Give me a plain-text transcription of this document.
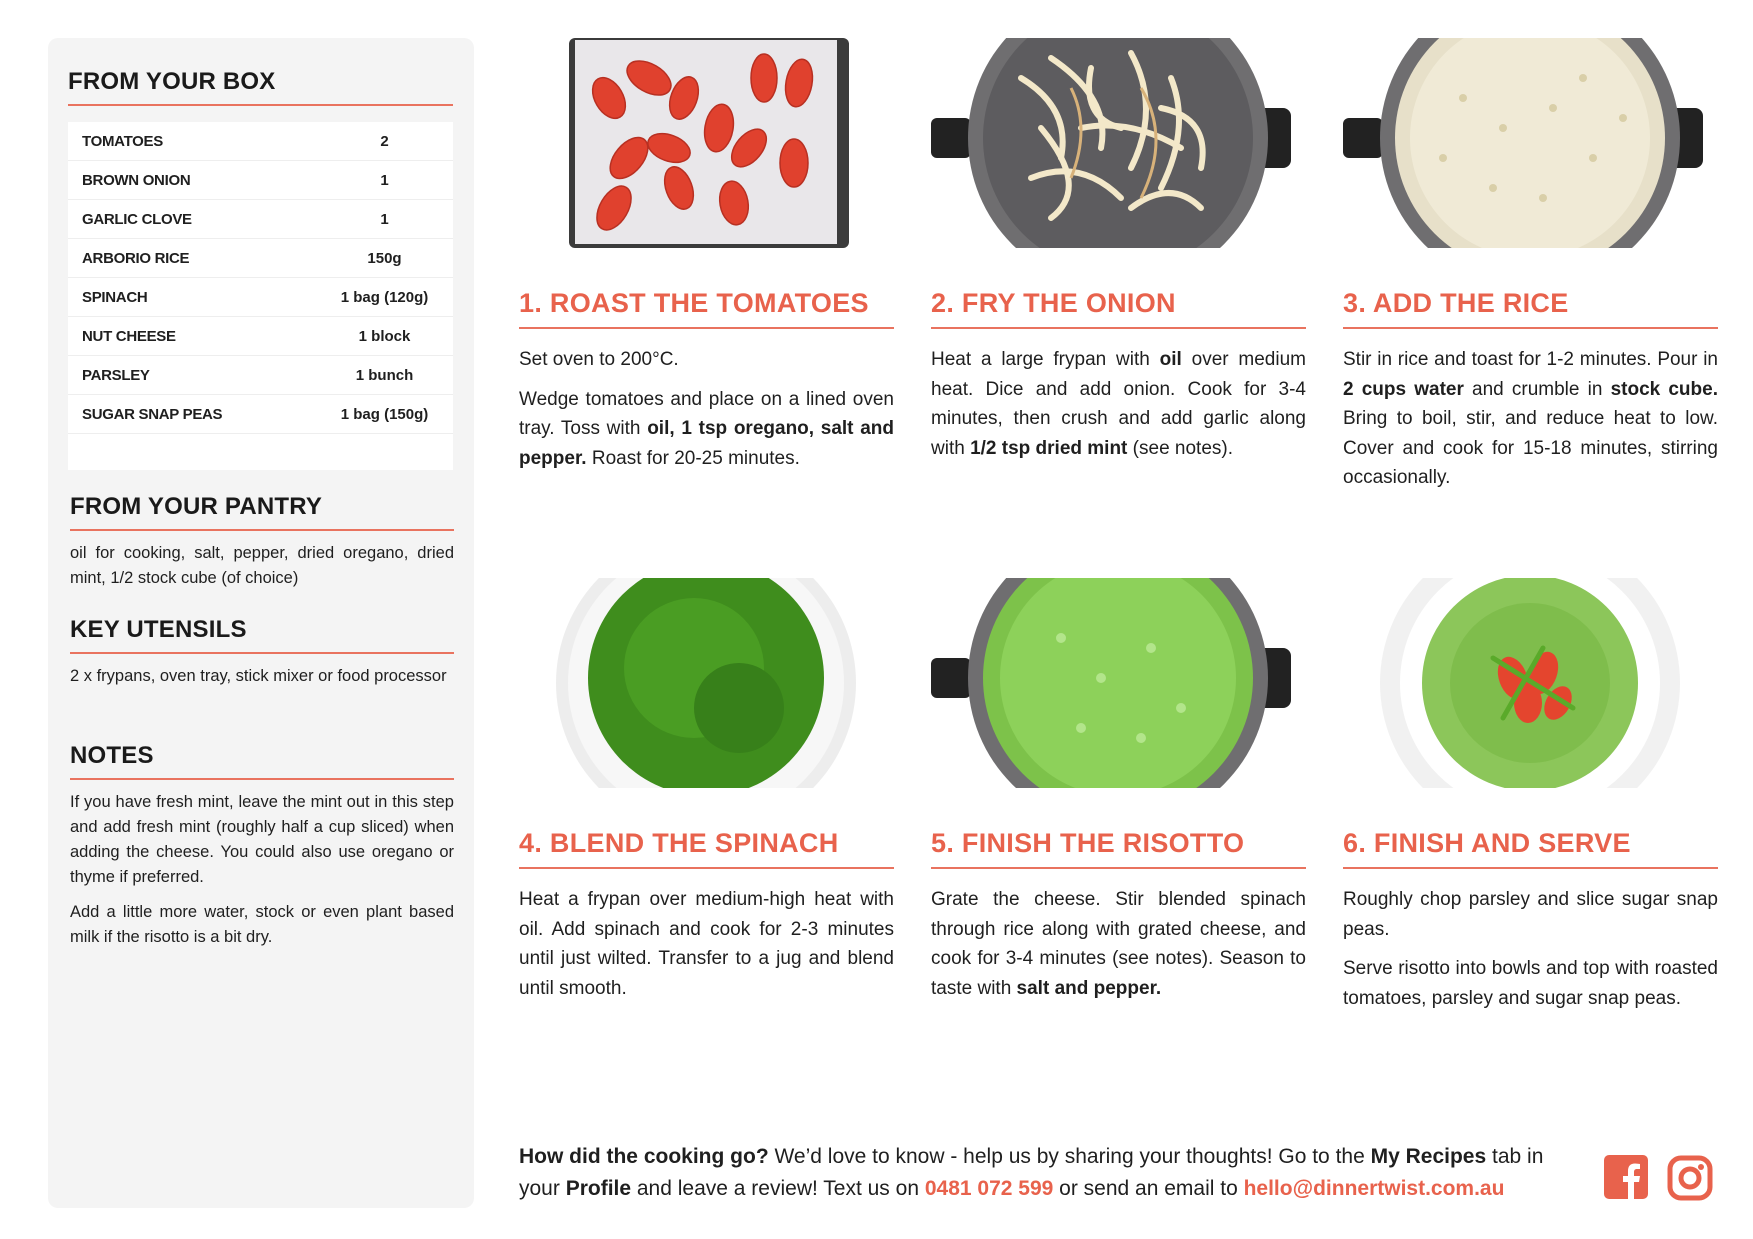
FROM YOUR BOX
TOMATOES	2
BROWN ONION	1
GARLIC CLOVE	1
ARBORIO RICE	150g
SPINACH	1 bag (120g)
NUT CHEESE	1 block
PARSLEY	1 bunch
SUGAR SNAP PEAS	1 bag (150g)
FROM YOUR PANTRY

oil for cooking, salt, pepper, dried oregano, dried mint, 1/2 stock cube (of choice)

KEY UTENSILS

2 x frypans, oven tray, stick mixer or food processor

NOTES

If you have fresh mint, leave the mint out in this step and add fresh mint (roughly half a cup sliced) when adding the cheese. You could also use oregano or thyme if preferred.

Add a little more water, stock or even plant based milk if the risotto is a bit dry.

1. ROAST THE TOMATOES

Set oven to 200°C.

Wedge tomatoes and place on a lined oven tray. Toss with oil, 1 tsp oregano, salt and pepper. Roast for 20-25 minutes.

2. FRY THE ONION

Heat a large frypan with oil over medium heat. Dice and add onion. Cook for 3-4 minutes, then crush and add garlic along with 1/2 tsp dried mint (see notes).

3. ADD THE RICE

Stir in rice and toast for 1-2 minutes. Pour in 2 cups water and crumble in stock cube. Bring to boil, stir, and reduce heat to low. Cover and cook for 15-18 minutes, stirring occasionally.

4. BLEND THE SPINACH

Heat a frypan over medium-high heat with oil. Add spinach and cook for 2-3 minutes until just wilted. Transfer to a jug and blend until smooth.

5. FINISH THE RISOTTO

Grate the cheese. Stir blended spinach through rice along with grated cheese, and cook for 3-4 minutes (see notes). Season to taste with salt and pepper.

6. FINISH AND SERVE

Roughly chop parsley and slice sugar snap peas.

Serve risotto into bowls and top with roasted tomatoes, parsley and sugar snap peas.

How did the cooking go? We’d love to know - help us by sharing your thoughts! Go to the My Recipes tab in your Profile and leave a review! Text us on 0481 072 599 or send an email to hello@dinnertwist.com.au
